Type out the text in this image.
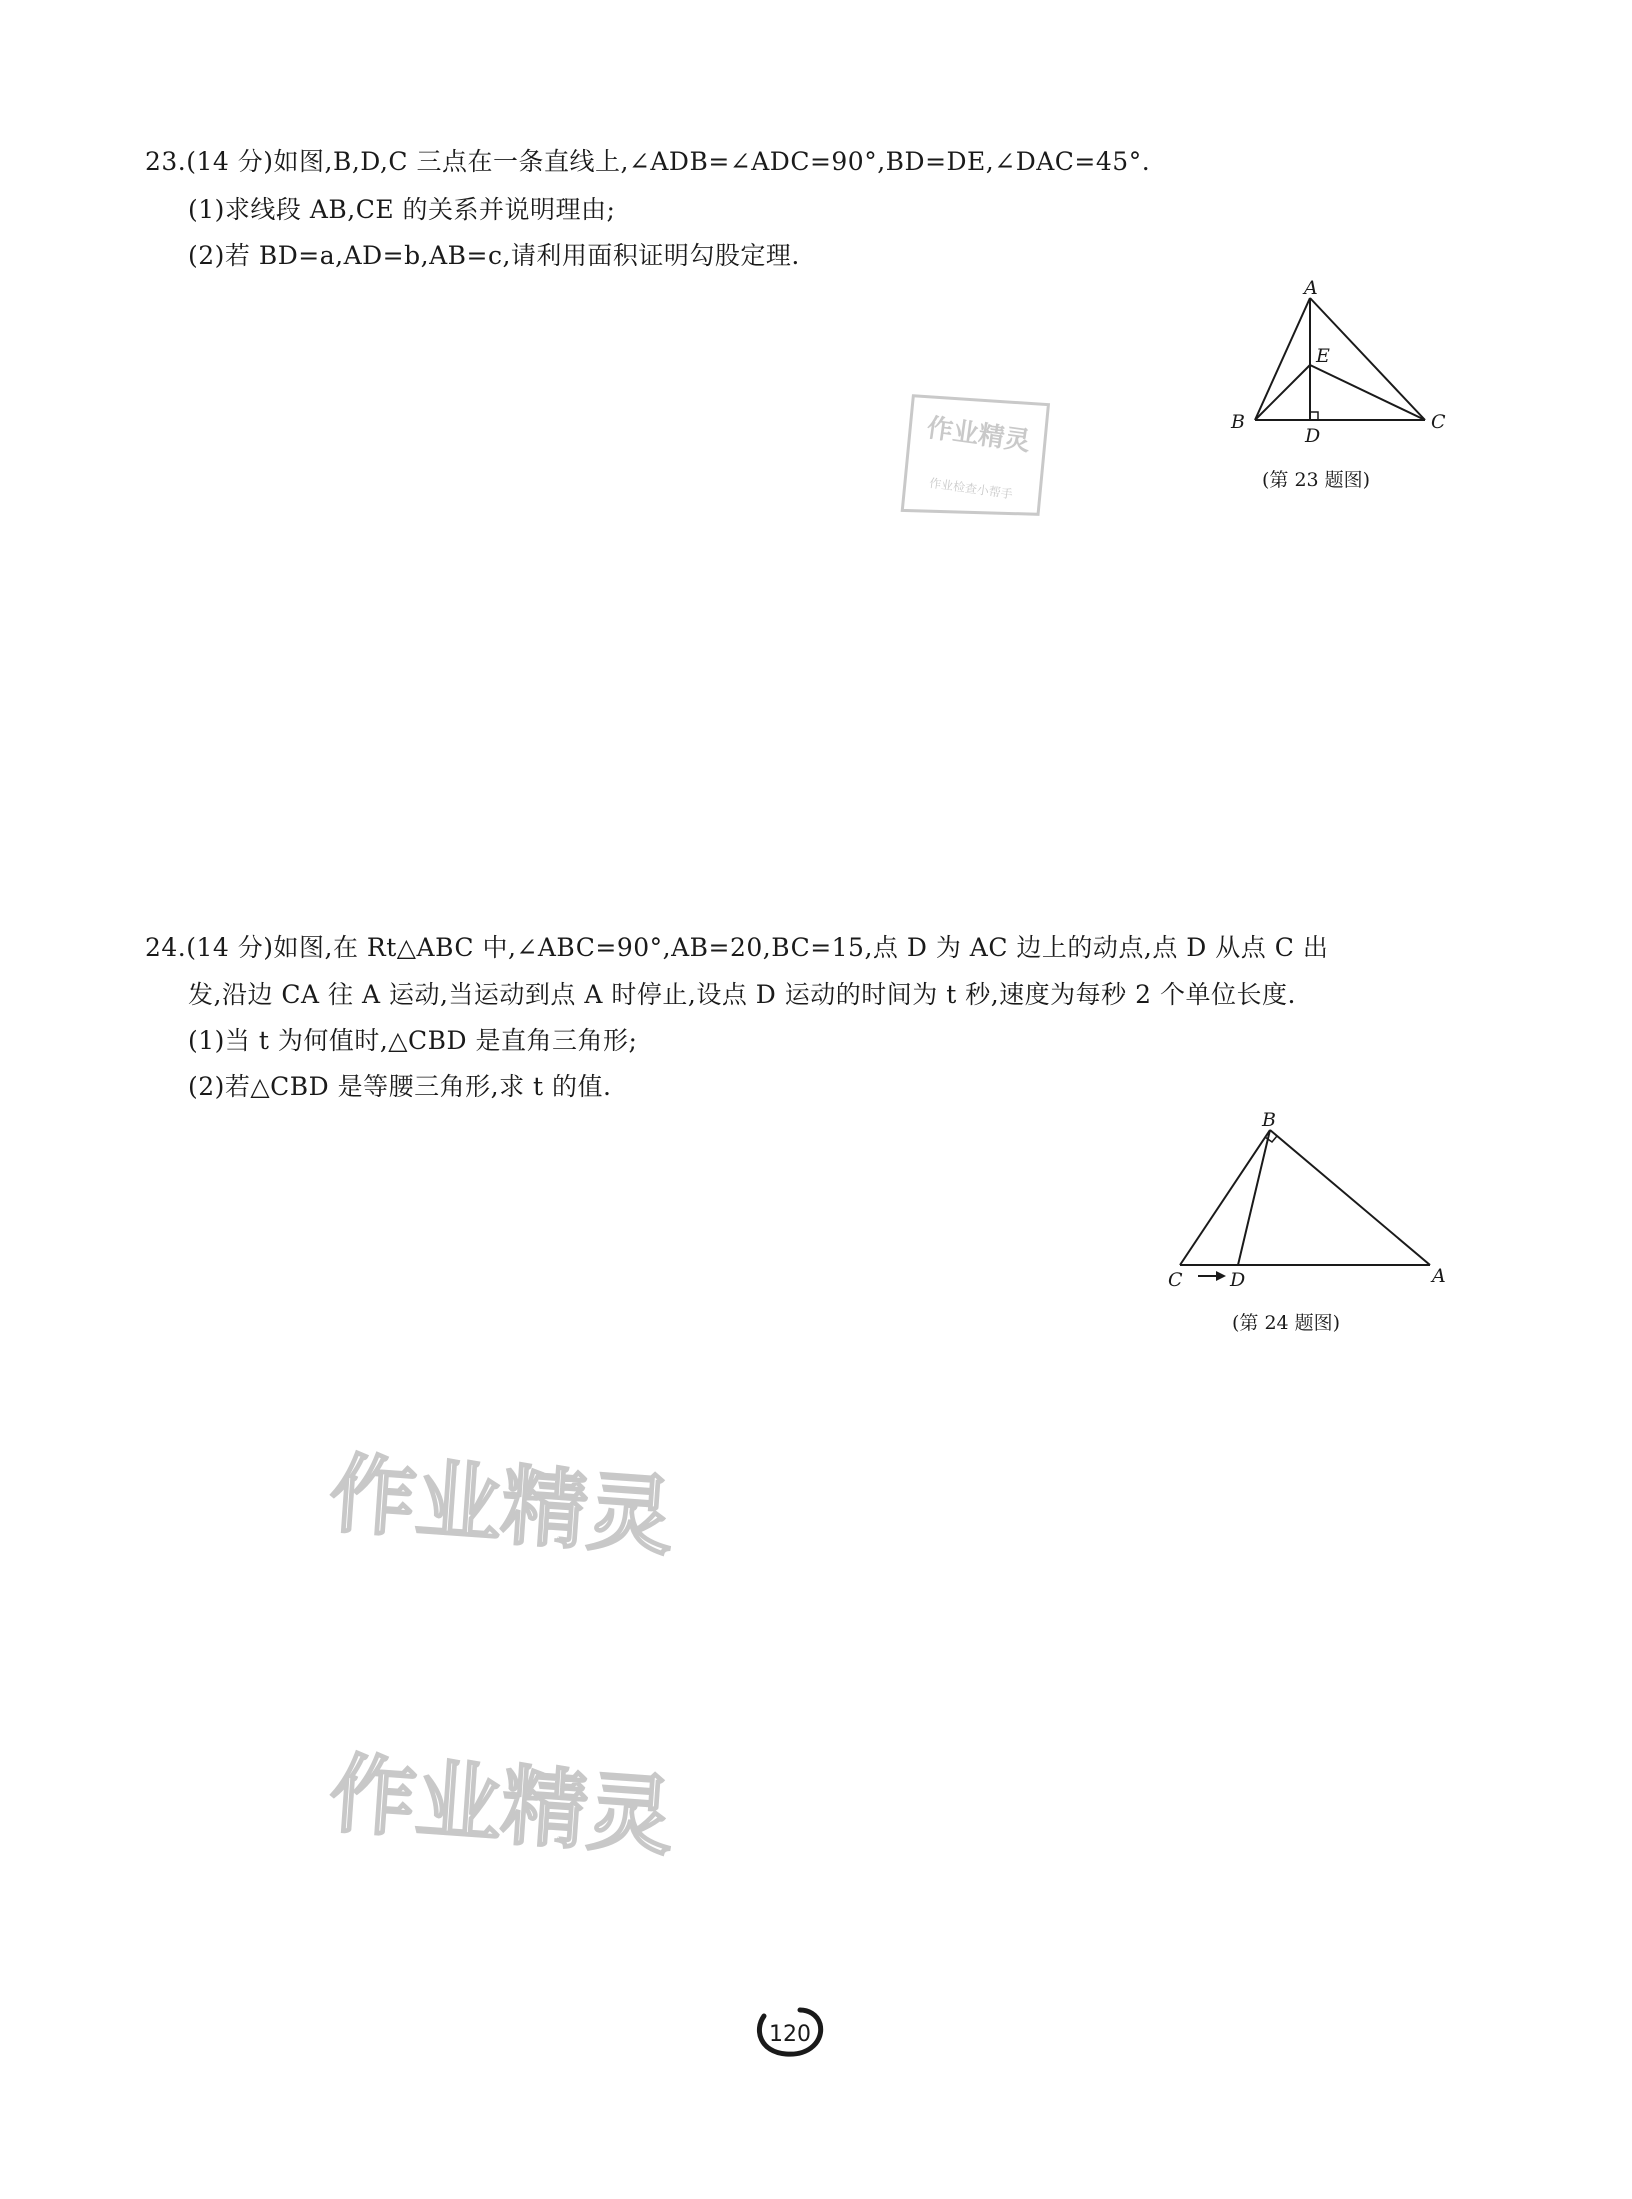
23.(14 分)如图,B,D,C 三点在一条直线上,∠ADB=∠ADC=90°,BD=DE,∠DAC=45°.
(1)求线段 AB,CE 的关系并说明理由;
(2)若 BD=a,AD=b,AB=c,请利用面积证明勾股定理.
A
B	C
D
E
(第 23 题图)
作业精灵
作业检查小帮手
24.(14 分)如图,在 Rt△ABC 中,∠ABC=90°,AB=20,BC=15,点 D 为 AC 边上的动点,点 D 从点 C 出
发,沿边 CA 往 A 运动,当运动到点 A 时停止,设点 D 运动的时间为 t 秒,速度为每秒 2 个单位长度.
(1)当 t 为何值时,△CBD 是直角三角形;
(2)若△CBD 是等腰三角形,求 t 的值.
B
C D	A
(第 24 题图)
作业精灵
作业精灵
120
